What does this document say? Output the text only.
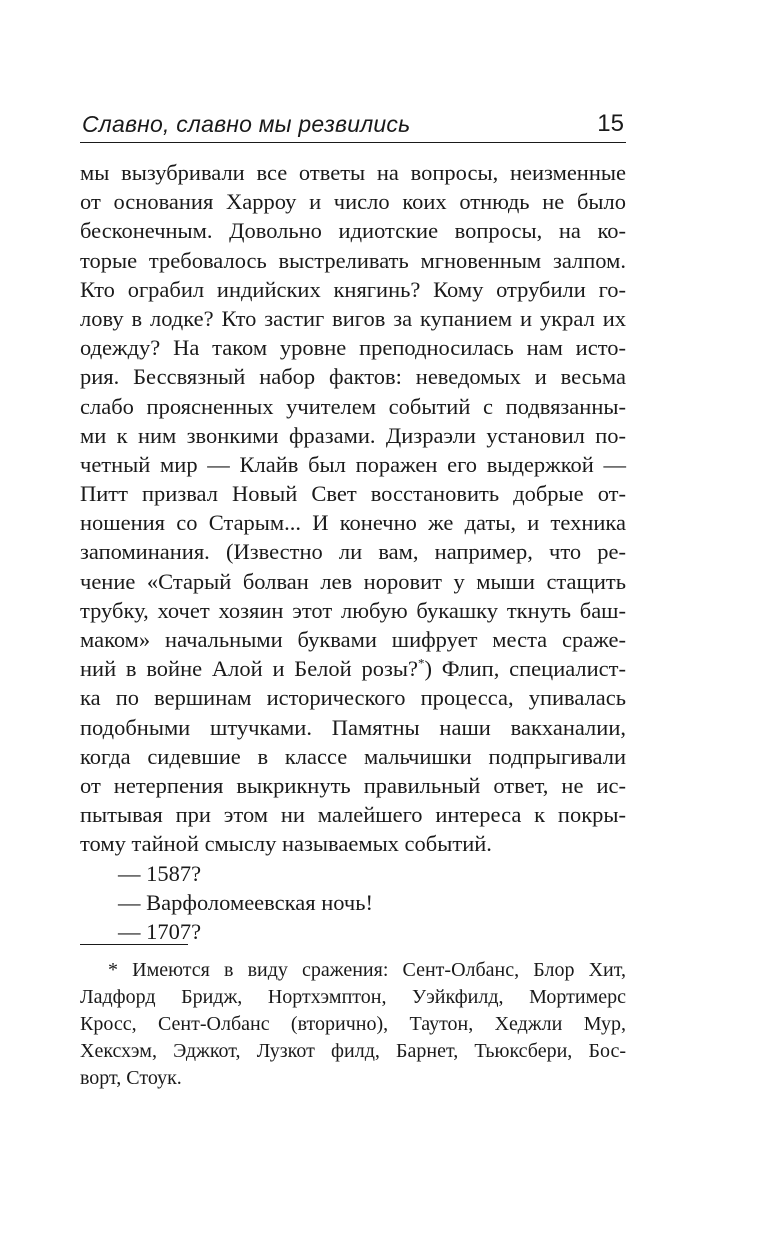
Славно, славно мы резвились	15
мы вызубривали все ответы на вопросы, неизменные
от основания Харроу и число коих отнюдь не было
бесконечным. Довольно идиотские вопросы, на ко-
торые требовалось выстреливать мгновенным залпом.
Кто ограбил индийских княгинь? Кому отрубили го-
лову в лодке? Кто застиг вигов за купанием и украл их
одежду? На таком уровне преподносилась нам исто-
рия. Бессвязный набор фактов: неведомых и весьма
слабо проясненных учителем событий с подвязанны-
ми к ним звонкими фразами. Дизраэли установил по-
четный мир — Клайв был поражен его выдержкой —
Питт призвал Новый Свет восстановить добрые от-
ношения со Старым... И конечно же даты, и техника
запоминания. (Известно ли вам, например, что ре-
чение «Старый болван лев норовит у мыши стащить
трубку, хочет хозяин этот любую букашку ткнуть баш-
маком» начальными буквами шифрует места сраже-
ний в войне Алой и Белой розы?*) Флип, специалист-
ка по вершинам исторического процесса, упивалась
подобными штучками. Памятны наши вакханалии,
когда сидевшие в классе мальчишки подпрыгивали
от нетерпения выкрикнуть правильный ответ, не ис-
пытывая при этом ни малейшего интереса к покры-
тому тайной смыслу называемых событий.
— 1587?
— Варфоломеевская ночь!
— 1707?
* Имеются в виду сражения: Сент-Олбанс, Блор Хит,
Ладфорд Бридж, Нортхэмптон, Уэйкфилд, Мортимерс
Кросс, Сент-Олбанс (вторично), Таутон, Хеджли Мур,
Хексхэм, Эджкот, Лузкот филд, Барнет, Тьюксбери, Бос-
ворт, Стоук.
